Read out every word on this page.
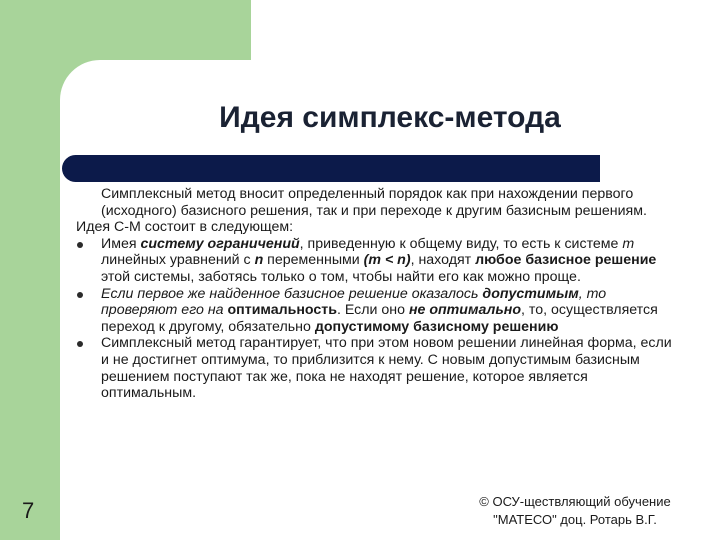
Идея симплекс-метода

Симплексный метод вносит определенный порядок как при нахождении первого (исходного) базисного решения, так и при переходе к другим базисным решениям.

Идея С-М состоит в следующем:

Имея систему ограничений, приведенную к общему виду, то есть к системе m линейных уравнений с n переменными (m < n), находят любое базисное решение этой системы, заботясь только о том, чтобы найти его как можно проще.

Если первое же найденное базисное решение оказалось допустимым, то проверяют его на оптимальность. Если оно не оптимально, то, осуществляется переход к другому, обязательно допустимому базисному решению

Симплексный метод гарантирует, что при этом новом решении линейная форма, если и не достигнет оптимума, то приблизится к нему. С новым допустимым базисным решением поступают так же, пока не находят решение, которое является оптимальным.

7	© ОСУ-ществляющий обучение
"МАТЕСО" доц. Ротарь В.Г.
